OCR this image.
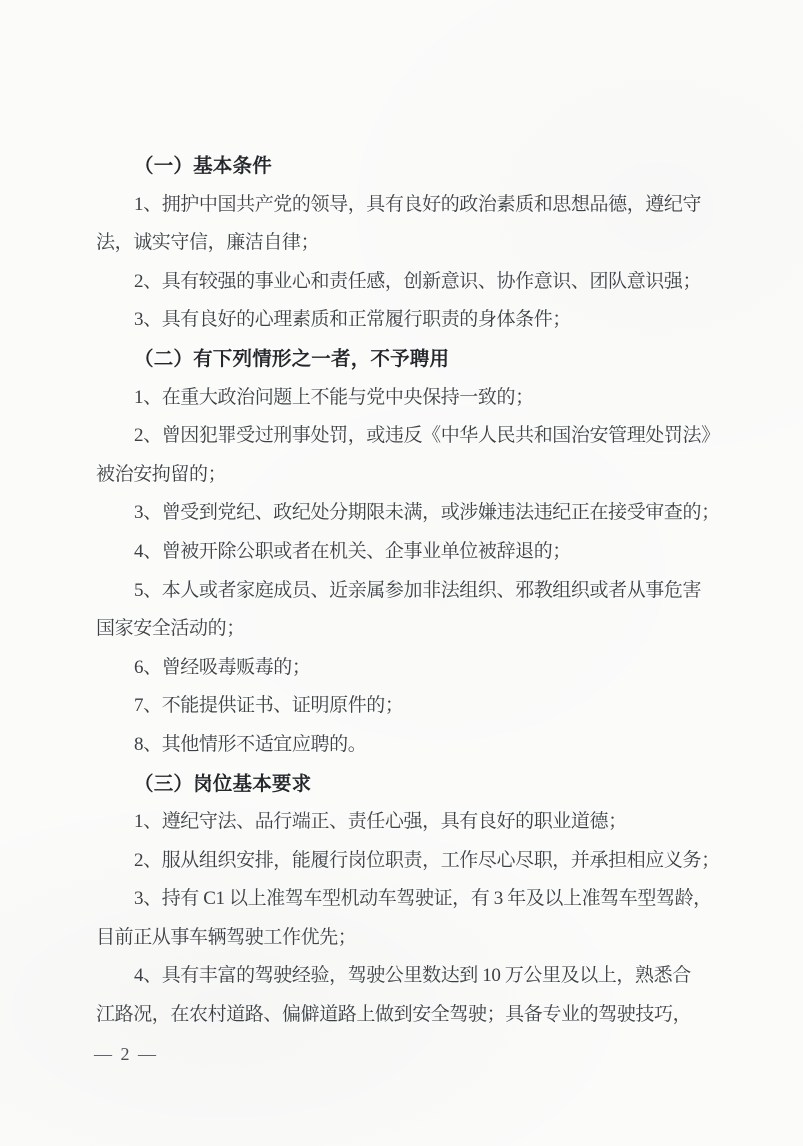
（一）基本条件
1、拥护中国共产党的领导，具有良好的政治素质和思想品德，遵纪守
法，诚实守信，廉洁自律；
2、具有较强的事业心和责任感，创新意识、协作意识、团队意识强；
3、具有良好的心理素质和正常履行职责的身体条件；
（二）有下列情形之一者，不予聘用
1、在重大政治问题上不能与党中央保持一致的；
2、曾因犯罪受过刑事处罚，或违反《中华人民共和国治安管理处罚法》
被治安拘留的；
3、曾受到党纪、政纪处分期限未满，或涉嫌违法违纪正在接受审查的；
4、曾被开除公职或者在机关、企事业单位被辞退的；
5、本人或者家庭成员、近亲属参加非法组织、邪教组织或者从事危害
国家安全活动的；
6、曾经吸毒贩毒的；
7、不能提供证书、证明原件的；
8、其他情形不适宜应聘的。
（三）岗位基本要求
1、遵纪守法、品行端正、责任心强，具有良好的职业道德；
2、服从组织安排，能履行岗位职责，工作尽心尽职，并承担相应义务；
3、持有 C1 以上准驾车型机动车驾驶证，有 3 年及以上准驾车型驾龄，
目前正从事车辆驾驶工作优先；
4、具有丰富的驾驶经验，驾驶公里数达到 10 万公里及以上，熟悉合
江路况，在农村道路、偏僻道路上做到安全驾驶；具备专业的驾驶技巧，
— 2 —
